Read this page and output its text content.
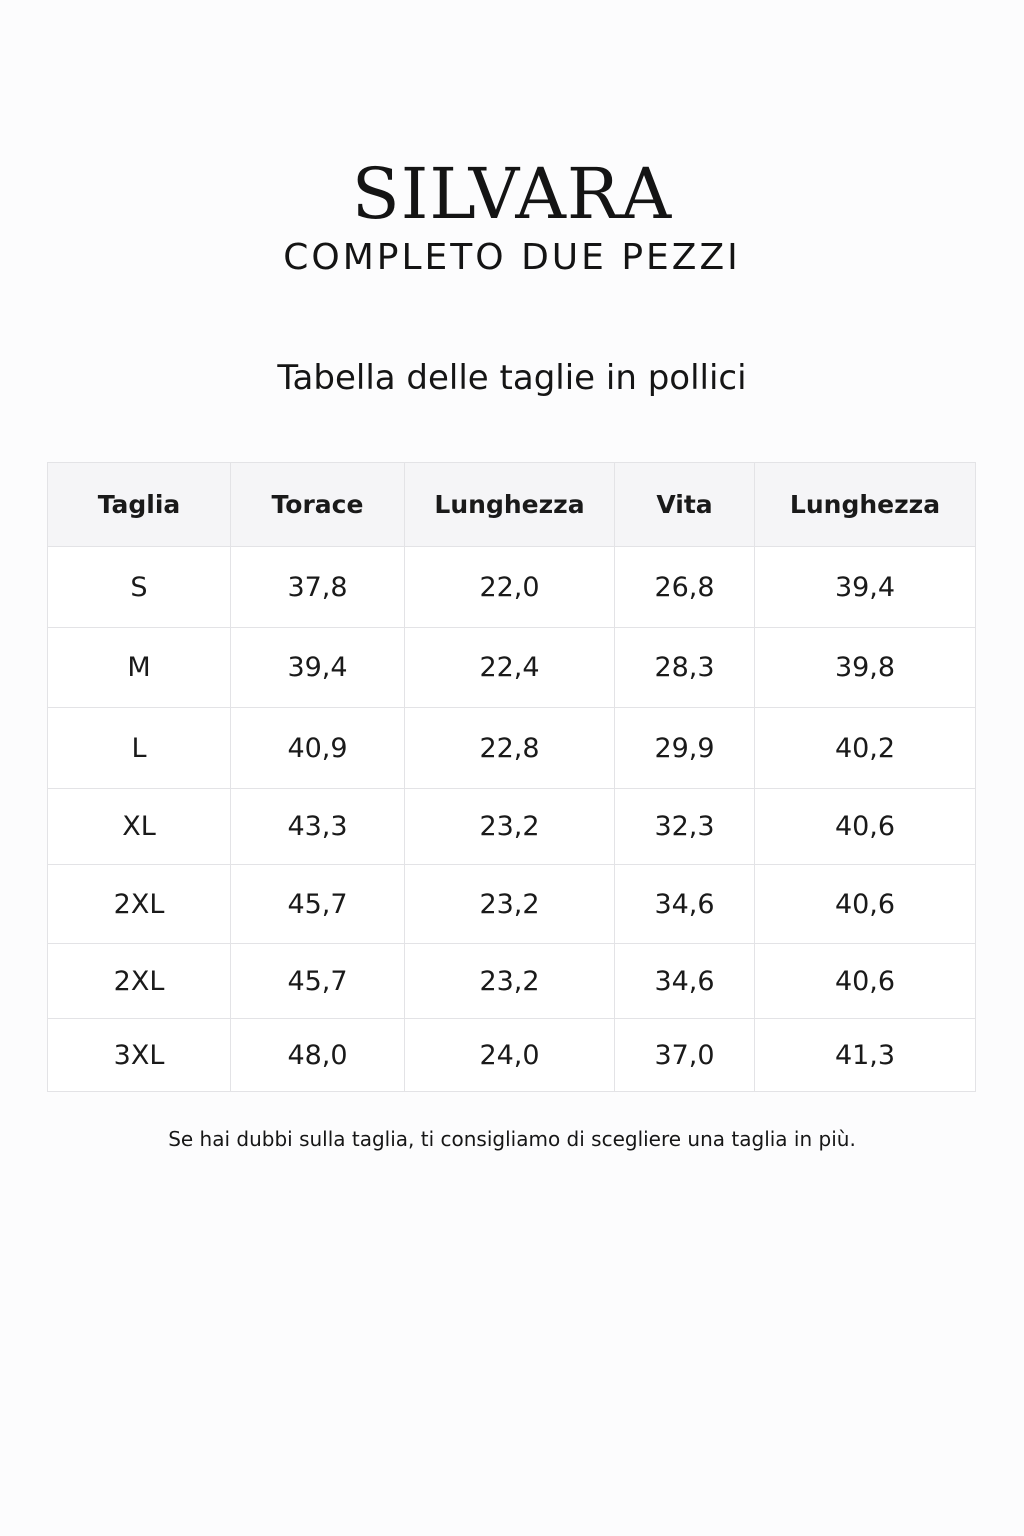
SILVARA
COMPLETO DUE PEZZI
Tabella delle taglie in pollici
Taglia	Torace	Lunghezza	Vita	Lunghezza
S	37,8	22,0	26,8	39,4
M	39,4	22,4	28,3	39,8
L	40,9	22,8	29,9	40,2
XL	43,3	23,2	32,3	40,6
2XL	45,7	23,2	34,6	40,6
2XL	45,7	23,2	34,6	40,6
3XL	48,0	24,0	37,0	41,3
Se hai dubbi sulla taglia, ti consigliamo di scegliere una taglia in più.
